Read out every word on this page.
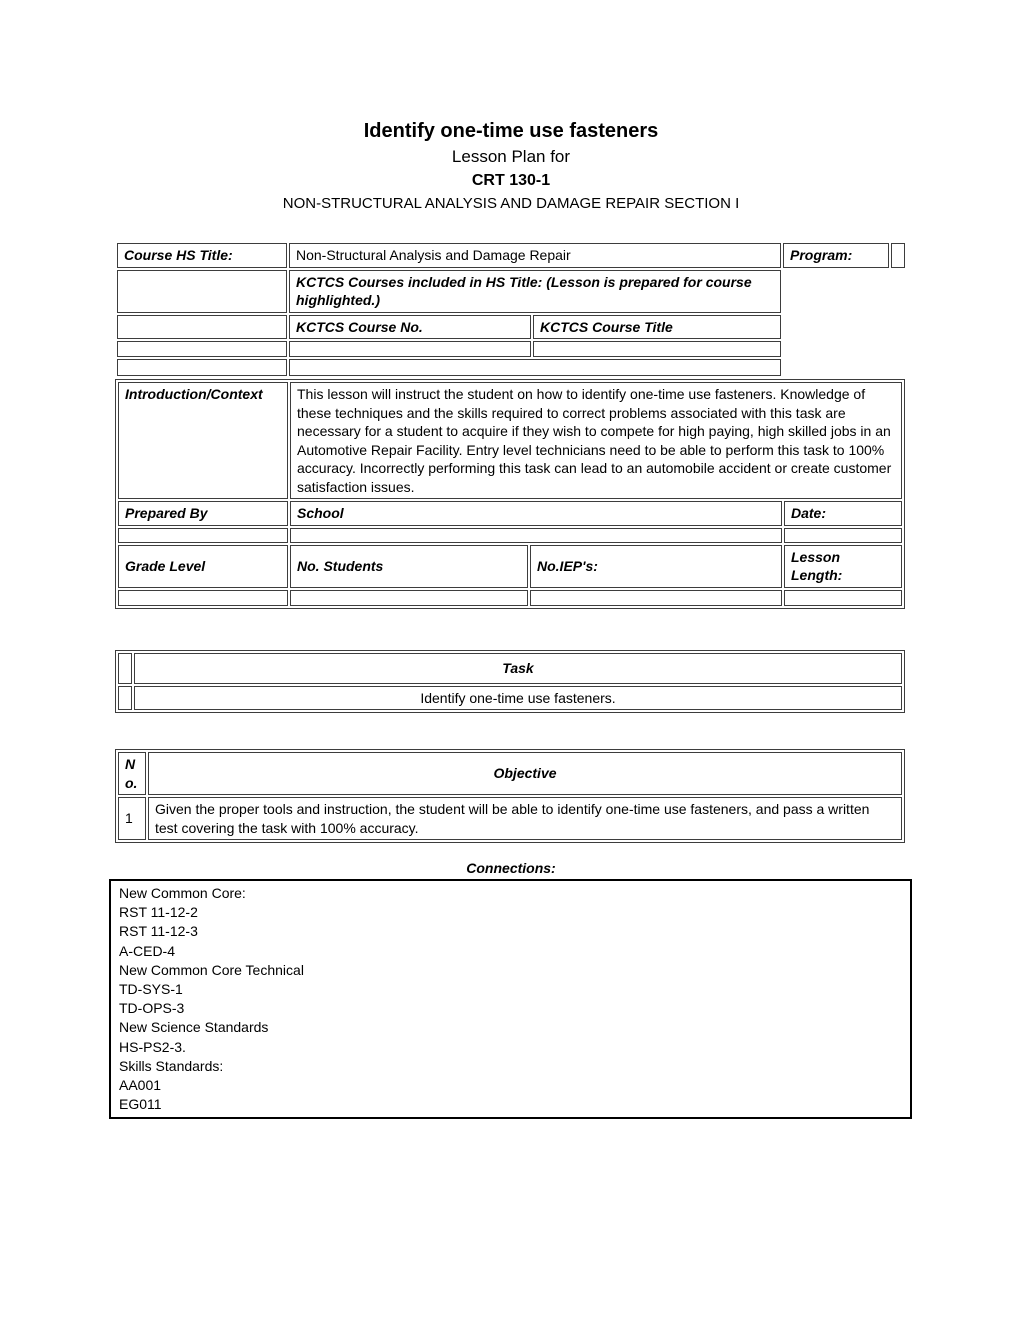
Identify one-time use fasteners
Lesson Plan for
CRT 130-1
NON-STRUCTURAL ANALYSIS AND DAMAGE REPAIR SECTION I
Course HS Title:	Non-Structural Analysis and Damage Repair		Program:	
	KCTCS Courses included in HS Title: (Lesson is prepared for course highlighted.)			
	KCTCS Course No.	KCTCS Course Title		

Introduction/Context	This lesson will instruct the student on how to identify one-time use fasteners. Knowledge of these techniques and the skills required to correct problems associated with this task are necessary for a student to acquire if they wish to compete for high paying, high skilled jobs in an Automotive Repair Facility. Entry level technicians need to be able to perform this task to 100% accuracy. Incorrectly performing this task can lead to an automobile accident or create customer satisfaction issues.		
Prepared By	School		Date:

Grade Level	No. Students	No.IEP's:	Lesson Length:

	Task
	Identify one-time use fasteners.
No.	Objective
1	Given the proper tools and instruction, the student will be able to identify one-time use fasteners, and pass a written test covering the task with 100% accuracy.
Connections:
New Common Core:
RST 11-12-2
RST 11-12-3
A-CED-4
New Common Core Technical
TD-SYS-1
TD-OPS-3
New Science Standards
HS-PS2-3.
Skills Standards:
AA001
EG011
